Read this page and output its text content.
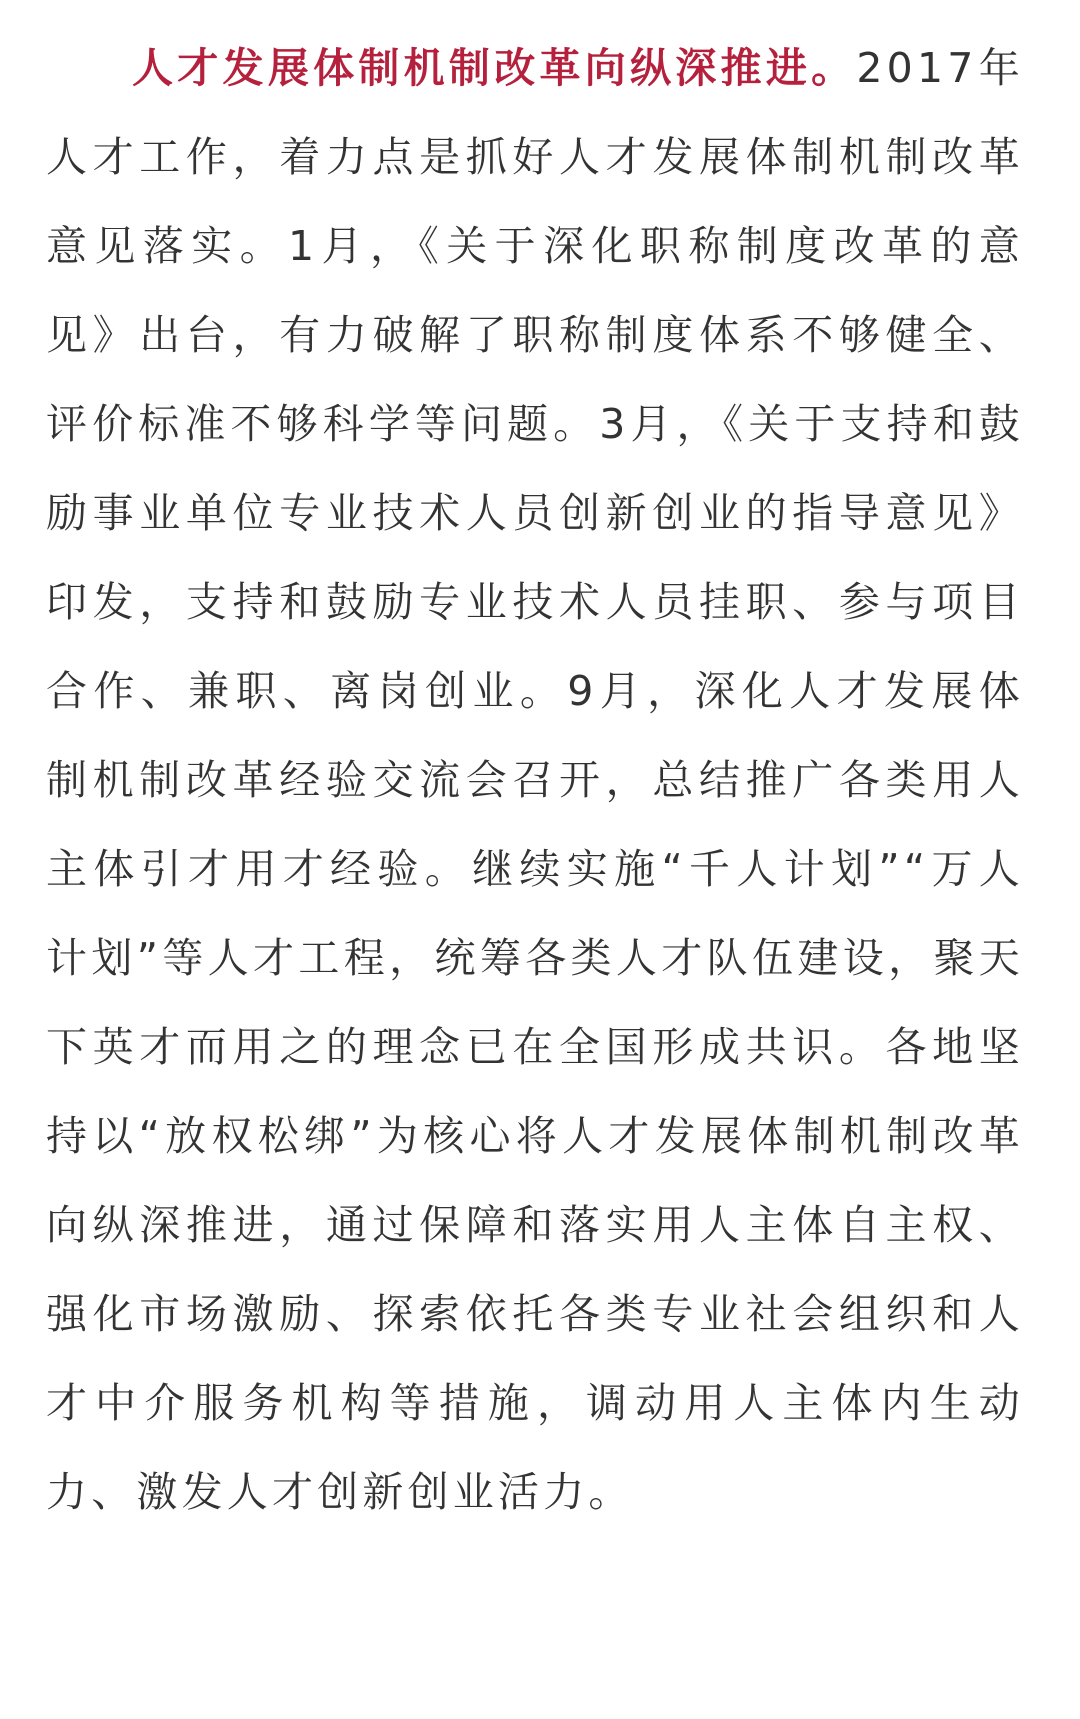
人才发展体制机制改革向纵深推进。2017年人才工作，着力点是抓好人才发展体制机制改革意见落实。1月，《关于深化职称制度改革的意见》出台，有力破解了职称制度体系不够健全、评价标准不够科学等问题。3月，《关于支持和鼓励事业单位专业技术人员创新创业的指导意见》印发，支持和鼓励专业技术人员挂职、参与项目合作、兼职、离岗创业。9月，深化人才发展体制机制改革经验交流会召开，总结推广各类用人主体引才用才经验。继续实施“千人计划”“万人计划”等人才工程，统筹各类人才队伍建设，聚天下英才而用之的理念已在全国形成共识。各地坚持以“放权松绑”为核心将人才发展体制机制改革向纵深推进，通过保障和落实用人主体自主权、强化市场激励、探索依托各类专业社会组织和人才中介服务机构等措施，调动用人主体内生动力、激发人才创新创业活力。
